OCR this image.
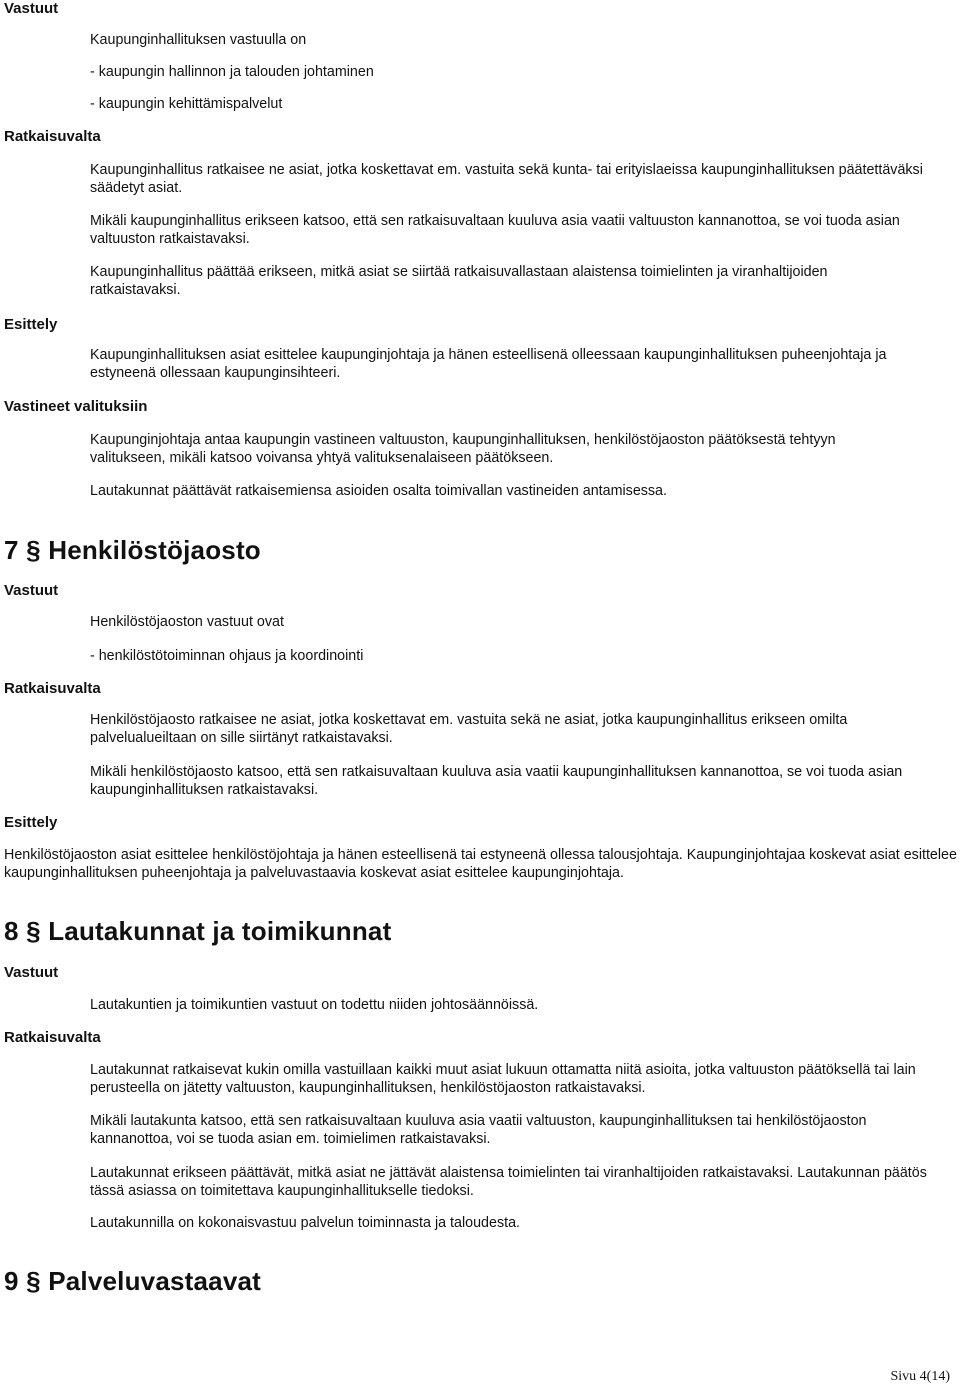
Vastuut
Kaupunginhallituksen vastuulla on
- kaupungin hallinnon ja talouden johtaminen
- kaupungin kehittämispalvelut
Ratkaisuvalta
Kaupunginhallitus ratkaisee ne asiat, jotka koskettavat em. vastuita sekä kunta- tai erityislaeissa kaupunginhallituksen päätettäväksi säädetyt asiat.
Mikäli kaupunginhallitus erikseen katsoo, että sen ratkaisuvaltaan kuuluva asia vaatii valtuuston kannanottoa, se voi tuoda asian valtuuston ratkaistavaksi.
Kaupunginhallitus päättää erikseen, mitkä asiat se siirtää ratkaisuvallastaan alaistensa toimielinten ja viranhaltijoiden ratkaistavaksi.
Esittely
Kaupunginhallituksen asiat esittelee kaupunginjohtaja ja hänen esteellisenä olleessaan kaupunginhallituksen puheenjohtaja ja estyneenä ollessaan kaupunginsihteeri.
Vastineet valituksiin
Kaupunginjohtaja antaa kaupungin vastineen valtuuston, kaupunginhallituksen, henkilöstöjaoston päätöksestä tehtyyn valitukseen, mikäli katsoo voivansa yhtyä valituksenalaiseen päätökseen.
Lautakunnat päättävät ratkaisemiensa asioiden osalta toimivallan vastineiden antamisessa.
7 § Henkilöstöjaosto
Vastuut
Henkilöstöjaoston vastuut ovat
- henkilöstötoiminnan ohjaus ja koordinointi
Ratkaisuvalta
Henkilöstöjaosto ratkaisee ne asiat, jotka koskettavat em. vastuita sekä ne asiat, jotka kaupunginhallitus erikseen omilta palvelualueiltaan on sille siirtänyt ratkaistavaksi.
Mikäli henkilöstöjaosto katsoo, että sen ratkaisuvaltaan kuuluva asia vaatii kaupunginhallituksen kannanottoa, se voi tuoda asian kaupunginhallituksen ratkaistavaksi.
Esittely
Henkilöstöjaoston asiat esittelee henkilöstöjohtaja ja hänen esteellisenä tai estyneenä ollessa talousjohtaja. Kaupunginjohtajaa koskevat asiat esittelee kaupunginhallituksen puheenjohtaja ja palveluvastaavia koskevat asiat esittelee kaupunginjohtaja.
8 § Lautakunnat ja toimikunnat
Vastuut
Lautakuntien ja toimikuntien vastuut on todettu niiden johtosäännöissä.
Ratkaisuvalta
Lautakunnat ratkaisevat kukin omilla vastuillaan kaikki muut asiat lukuun ottamatta niitä asioita, jotka valtuuston päätöksellä tai lain perusteella on jätetty valtuuston, kaupunginhallituksen, henkilöstöjaoston ratkaistavaksi.
Mikäli lautakunta katsoo, että sen ratkaisuvaltaan kuuluva asia vaatii valtuuston, kaupunginhallituksen tai henkilöstöjaoston kannanottoa, voi se tuoda asian em. toimielimen ratkaistavaksi.
Lautakunnat erikseen päättävät, mitkä asiat ne jättävät alaistensa toimielinten tai viranhaltijoiden ratkaistavaksi. Lautakunnan päätös tässä asiassa on toimitettava kaupunginhallitukselle tiedoksi.
Lautakunnilla on kokonaisvastuu palvelun toiminnasta ja taloudesta.
9 § Palveluvastaavat
Sivu 4(14)
